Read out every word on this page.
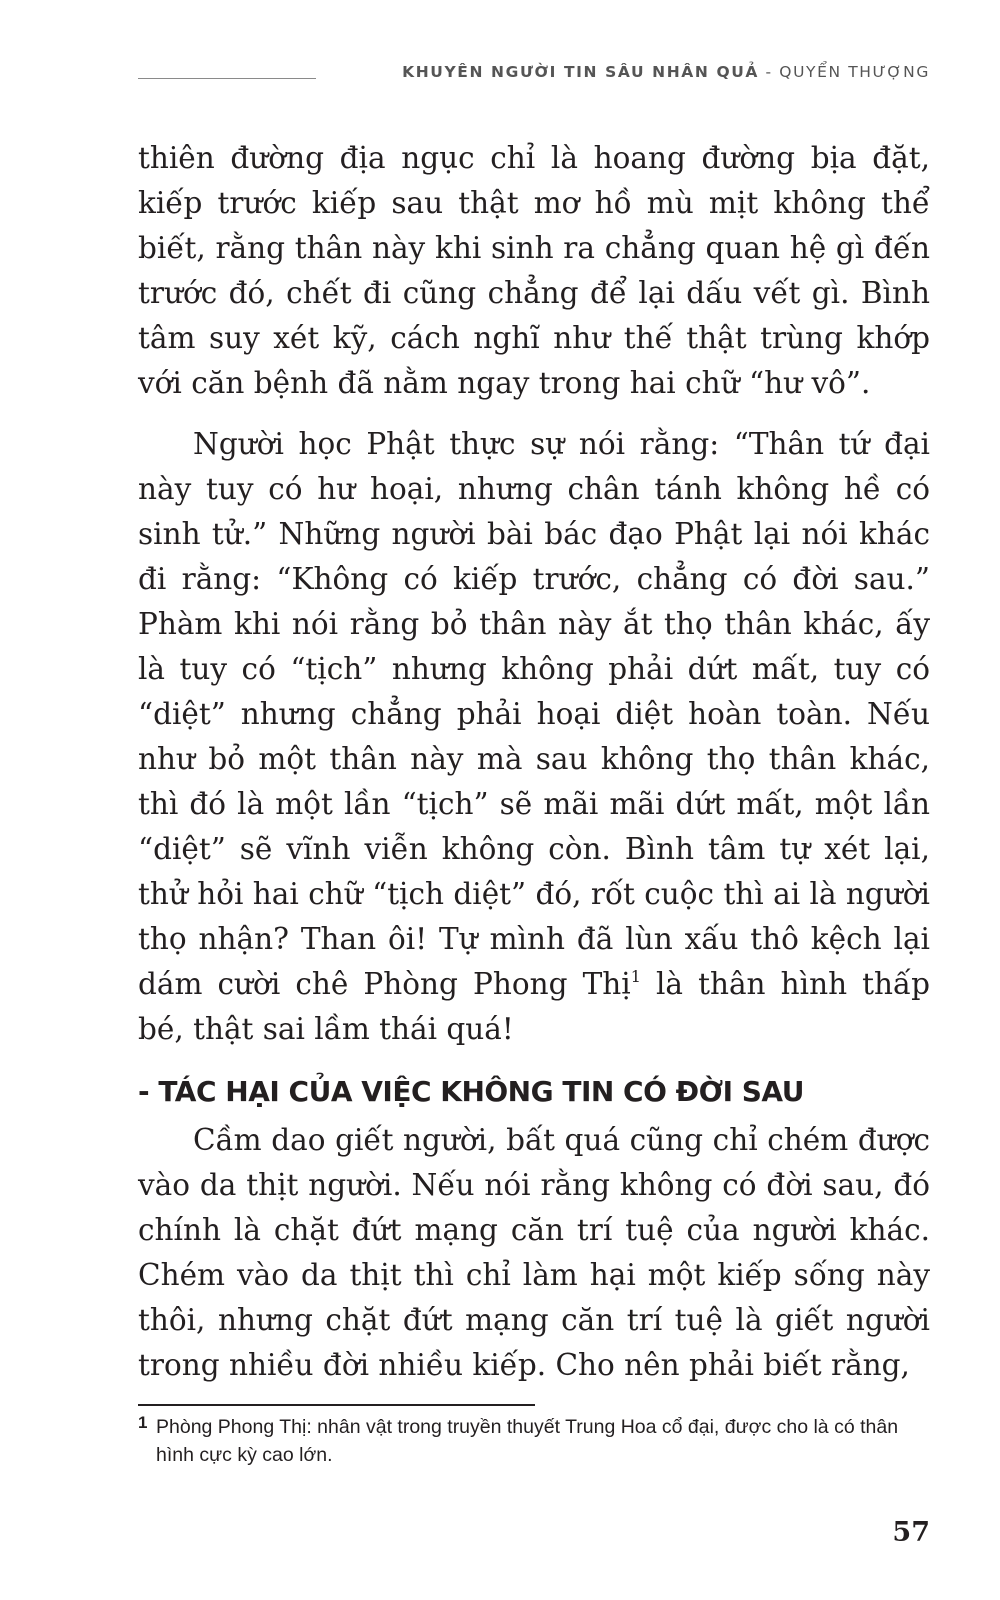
KHUYÊN NGƯỜI TIN SÂU NHÂN QUẢ - QUYỂN THƯỢNG

thiên đường địa ngục chỉ là hoang đường bịa đặt, kiếp trước kiếp sau thật mơ hồ mù mịt không thể biết, rằng thân này khi sinh ra chẳng quan hệ gì đến trước đó, chết đi cũng chẳng để lại dấu vết gì. Bình tâm suy xét kỹ, cách nghĩ như thế thật trùng khớp với căn bệnh đã nằm ngay trong hai chữ “hư vô”.

Người học Phật thực sự nói rằng: “Thân tứ đại này tuy có hư hoại, nhưng chân tánh không hề có sinh tử.” Những người bài bác đạo Phật lại nói khác đi rằng: “Không có kiếp trước, chẳng có đời sau.” Phàm khi nói rằng bỏ thân này ắt thọ thân khác, ấy là tuy có “tịch” nhưng không phải dứt mất, tuy có “diệt” nhưng chẳng phải hoại diệt hoàn toàn. Nếu như bỏ một thân này mà sau không thọ thân khác, thì đó là một lần “tịch” sẽ mãi mãi dứt mất, một lần “diệt” sẽ vĩnh viễn không còn. Bình tâm tự xét lại, thử hỏi hai chữ “tịch diệt” đó, rốt cuộc thì ai là người thọ nhận? Than ôi! Tự mình đã lùn xấu thô kệch lại dám cười chê Phòng Phong Thị$^1$ là thân hình thấp bé, thật sai lầm thái quá!

- TÁC HẠI CỦA VIỆC KHÔNG TIN CÓ ĐỜI SAU

Cầm dao giết người, bất quá cũng chỉ chém được vào da thịt người. Nếu nói rằng không có đời sau, đó chính là chặt đứt mạng căn trí tuệ của người khác. Chém vào da thịt thì chỉ làm hại một kiếp sống này thôi, nhưng chặt đứt mạng căn trí tuệ là giết người trong nhiều đời nhiều kiếp. Cho nên phải biết rằng,

1 Phòng Phong Thị: nhân vật trong truyền thuyết Trung Hoa cổ đại, được cho là có thân hình cực kỳ cao lớn.
57
